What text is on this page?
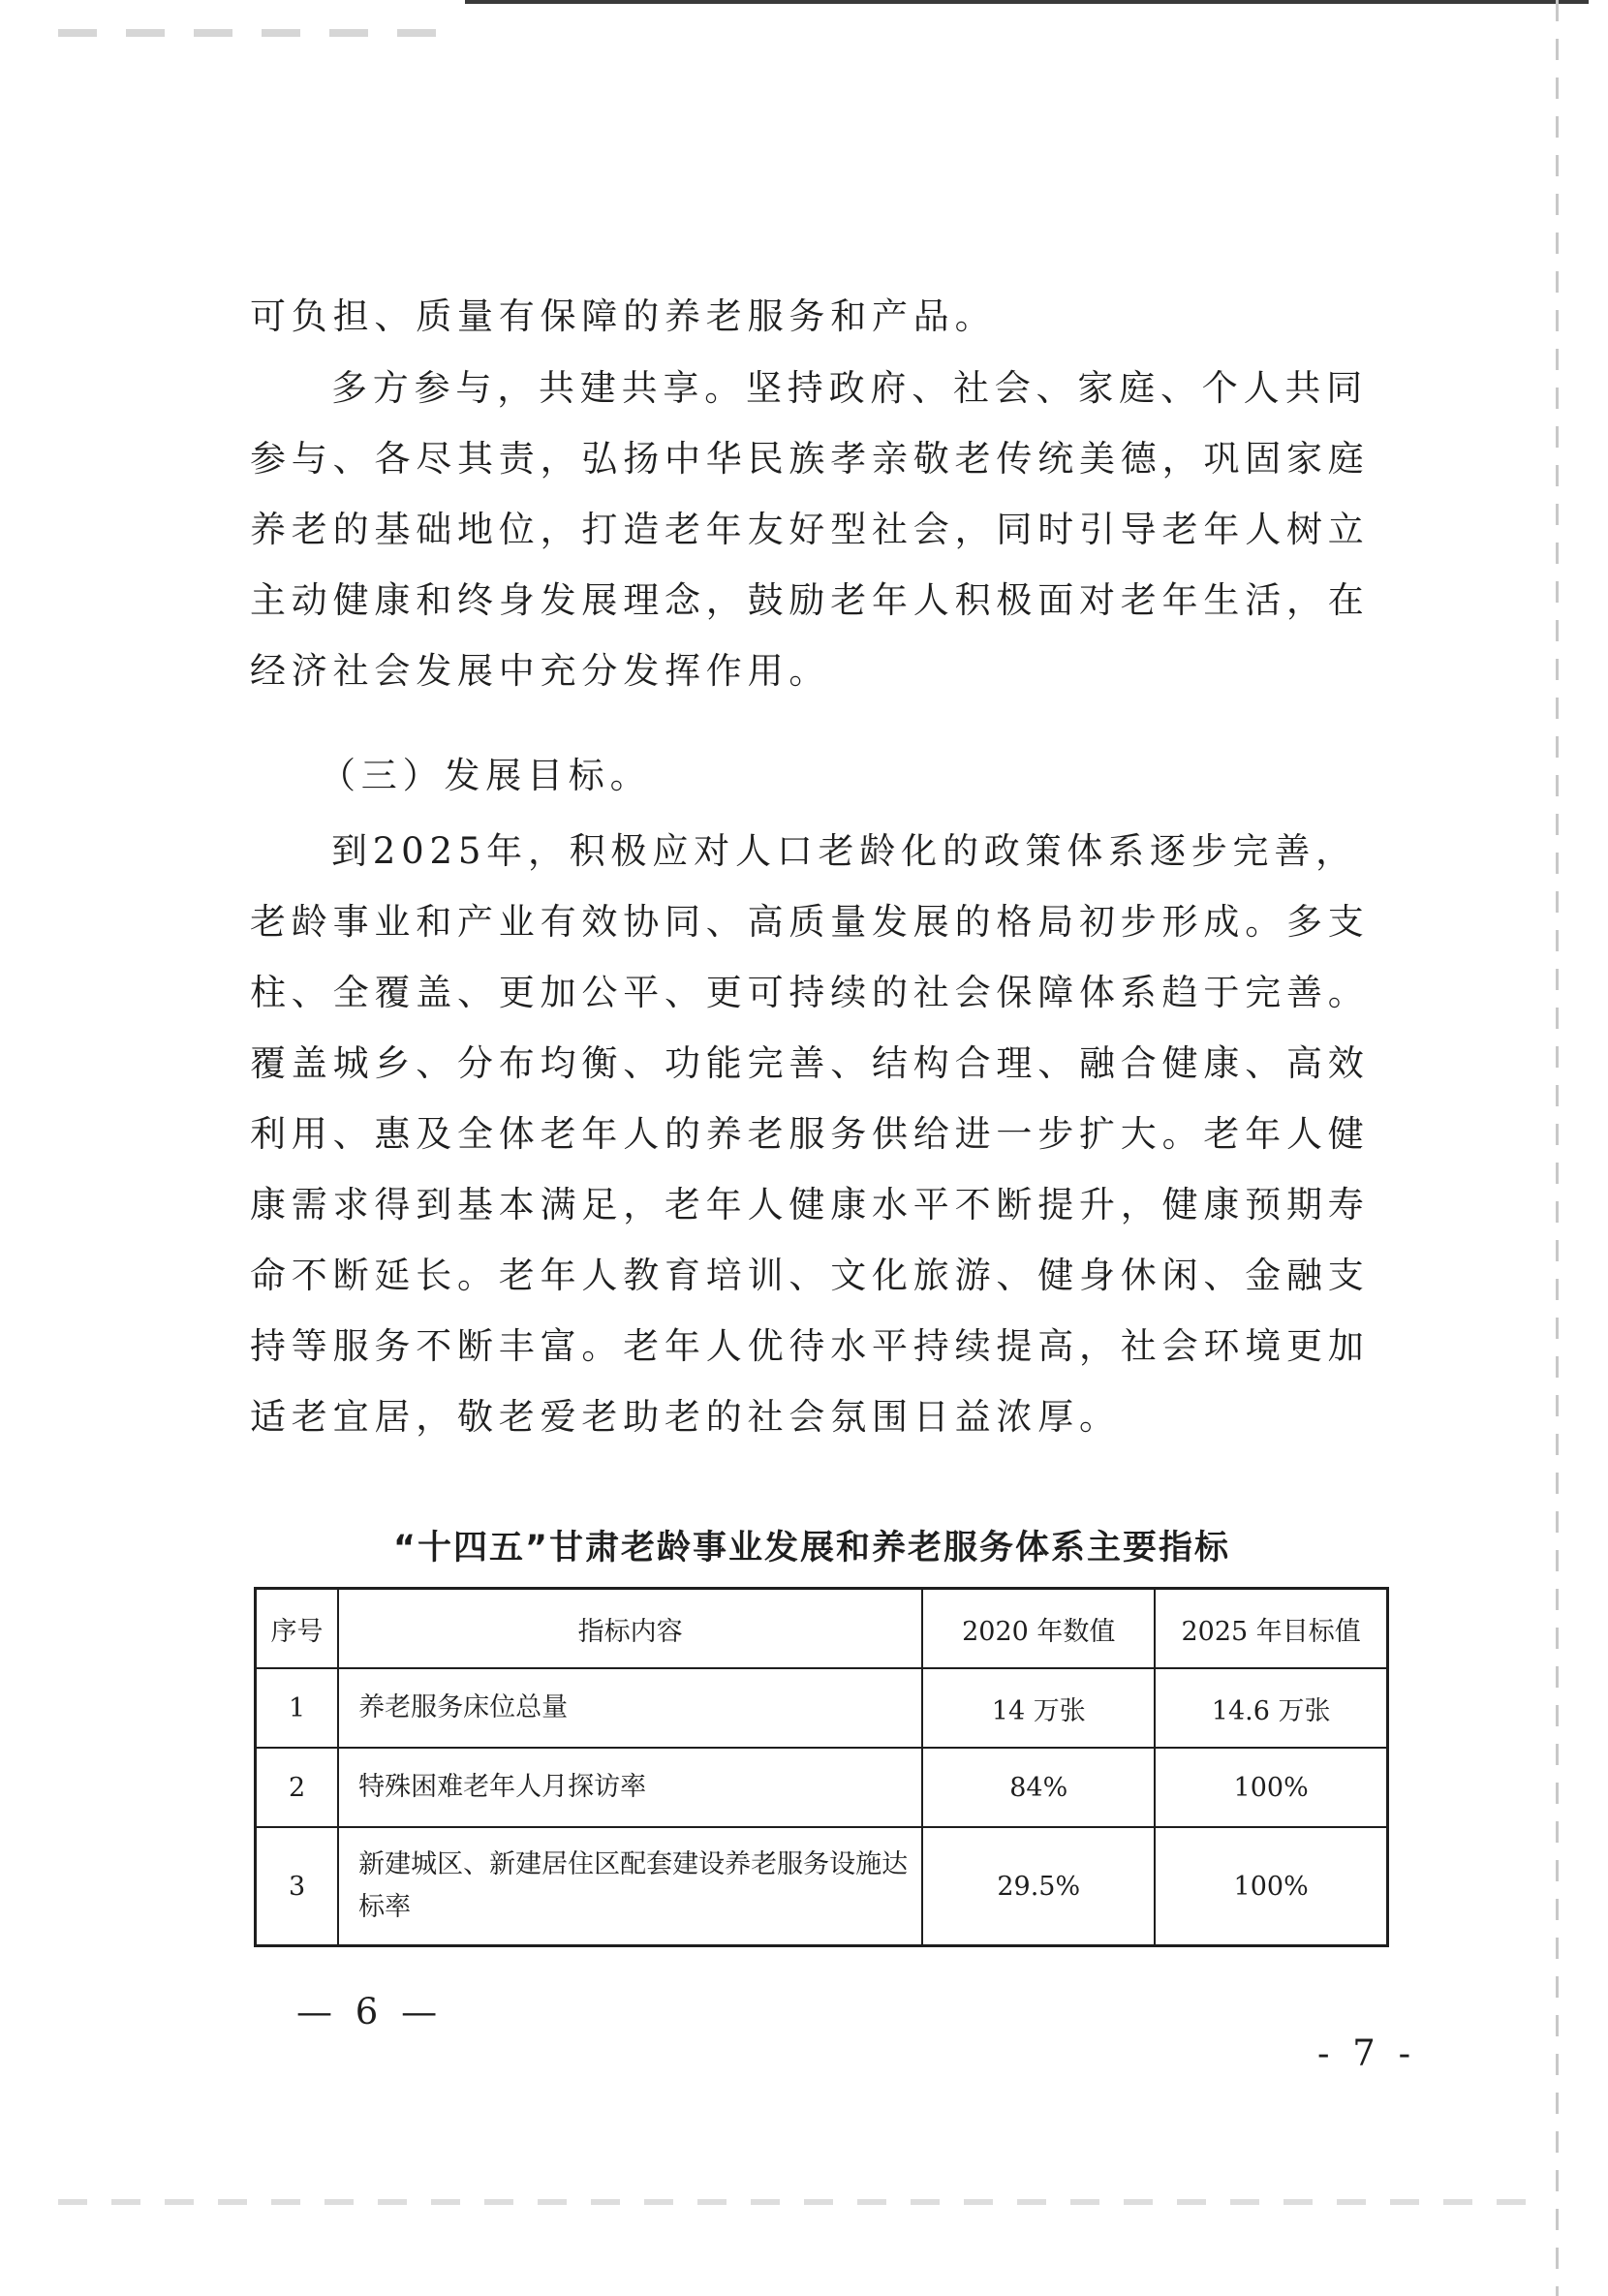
可负担、质量有保障的养老服务和产品。

多方参与，共建共享。坚持政府、社会、家庭、个人共同参与、各尽其责，弘扬中华民族孝亲敬老传统美德，巩固家庭养老的基础地位，打造老年友好型社会，同时引导老年人树立主动健康和终身发展理念，鼓励老年人积极面对老年生活，在经济社会发展中充分发挥作用。

（三）发展目标。

到2025年，积极应对人口老龄化的政策体系逐步完善，老龄事业和产业有效协同、高质量发展的格局初步形成。多支柱、全覆盖、更加公平、更可持续的社会保障体系趋于完善。覆盖城乡、分布均衡、功能完善、结构合理、融合健康、高效利用、惠及全体老年人的养老服务供给进一步扩大。老年人健康需求得到基本满足，老年人健康水平不断提升，健康预期寿命不断延长。老年人教育培训、文化旅游、健身休闲、金融支持等服务不断丰富。老年人优待水平持续提高，社会环境更加适老宜居，敬老爱老助老的社会氛围日益浓厚。

“十四五”甘肃老龄事业发展和养老服务体系主要指标
序号	指标内容	2020 年数值	2025 年目标值
1	养老服务床位总量	14 万张	14.6 万张
2	特殊困难老年人月探访率	84%	100%
3	新建城区、新建居住区配套建设养老服务设施达标率	29.5%	100%
— 6 —
- 7 -
